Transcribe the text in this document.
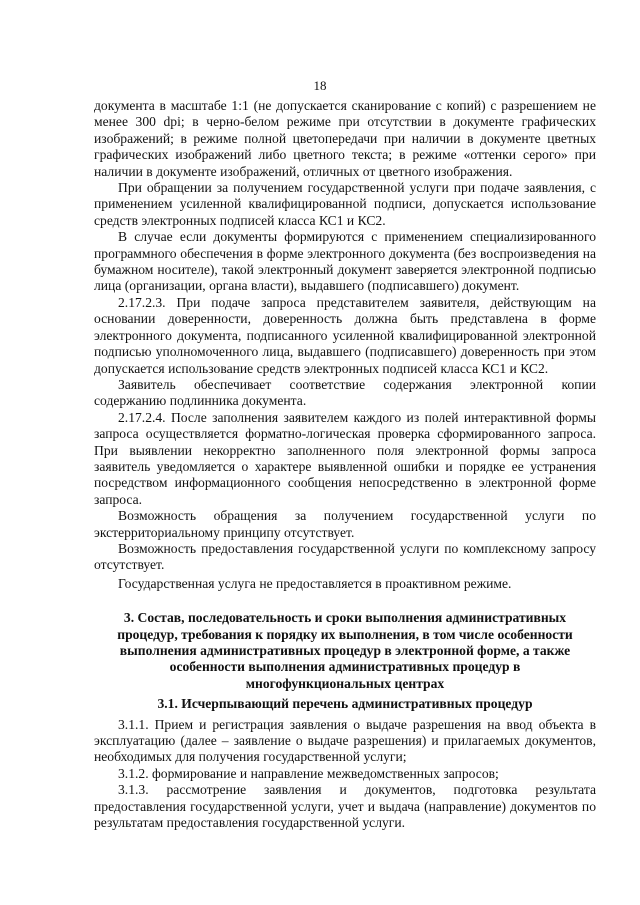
18

документа в масштабе 1:1 (не допускается сканирование с копий) с разрешением не менее 300 dpi; в черно-белом режиме при отсутствии в документе графических изображений; в режиме полной цветопередачи при наличии в документе цветных графических изображений либо цветного текста; в режиме «оттенки серого» при наличии в документе изображений, отличных от цветного изображения.

При обращении за получением государственной услуги при подаче заявления, с применением усиленной квалифицированной подписи, допускается использование средств электронных подписей класса КС1 и КС2.

В случае если документы формируются с применением специализированного программного обеспечения в форме электронного документа (без воспроизведения на бумажном носителе), такой электронный документ заверяется электронной подписью лица (организации, органа власти), выдавшего (подписавшего) документ.

2.17.2.3. При подаче запроса представителем заявителя, действующим на основании доверенности, доверенность должна быть представлена в форме электронного документа, подписанного усиленной квалифицированной электронной подписью уполномоченного лица, выдавшего (подписавшего) доверенность при этом допускается использование средств электронных подписей класса КС1 и КС2.

Заявитель обеспечивает соответствие содержания электронной копии содержанию подлинника документа.

2.17.2.4. После заполнения заявителем каждого из полей интерактивной формы запроса осуществляется форматно-логическая проверка сформированного запроса. При выявлении некорректно заполненного поля электронной формы запроса заявитель уведомляется о характере выявленной ошибки и порядке ее устранения посредством информационного сообщения непосредственно в электронной форме запроса.

Возможность обращения за получением государственной услуги по экстерриториальному принципу отсутствует.

Возможность предоставления государственной услуги по комплексному запросу отсутствует.

Государственная услуга не предоставляется в проактивном режиме.

3. Состав, последовательность и сроки выполнения административных процедур, требования к порядку их выполнения, в том числе особенности выполнения административных процедур в электронной форме, а также особенности выполнения административных процедур в многофункциональных центрах
3.1. Исчерпывающий перечень административных процедур

3.1.1. Прием и регистрация заявления о выдаче разрешения на ввод объекта в эксплуатацию (далее – заявление о выдаче разрешения) и прилагаемых документов, необходимых для получения государственной услуги;

3.1.2. формирование и направление межведомственных запросов;

3.1.3. рассмотрение заявления и документов, подготовка результата предоставления государственной услуги, учет и выдача (направление) документов по результатам предоставления государственной услуги.
